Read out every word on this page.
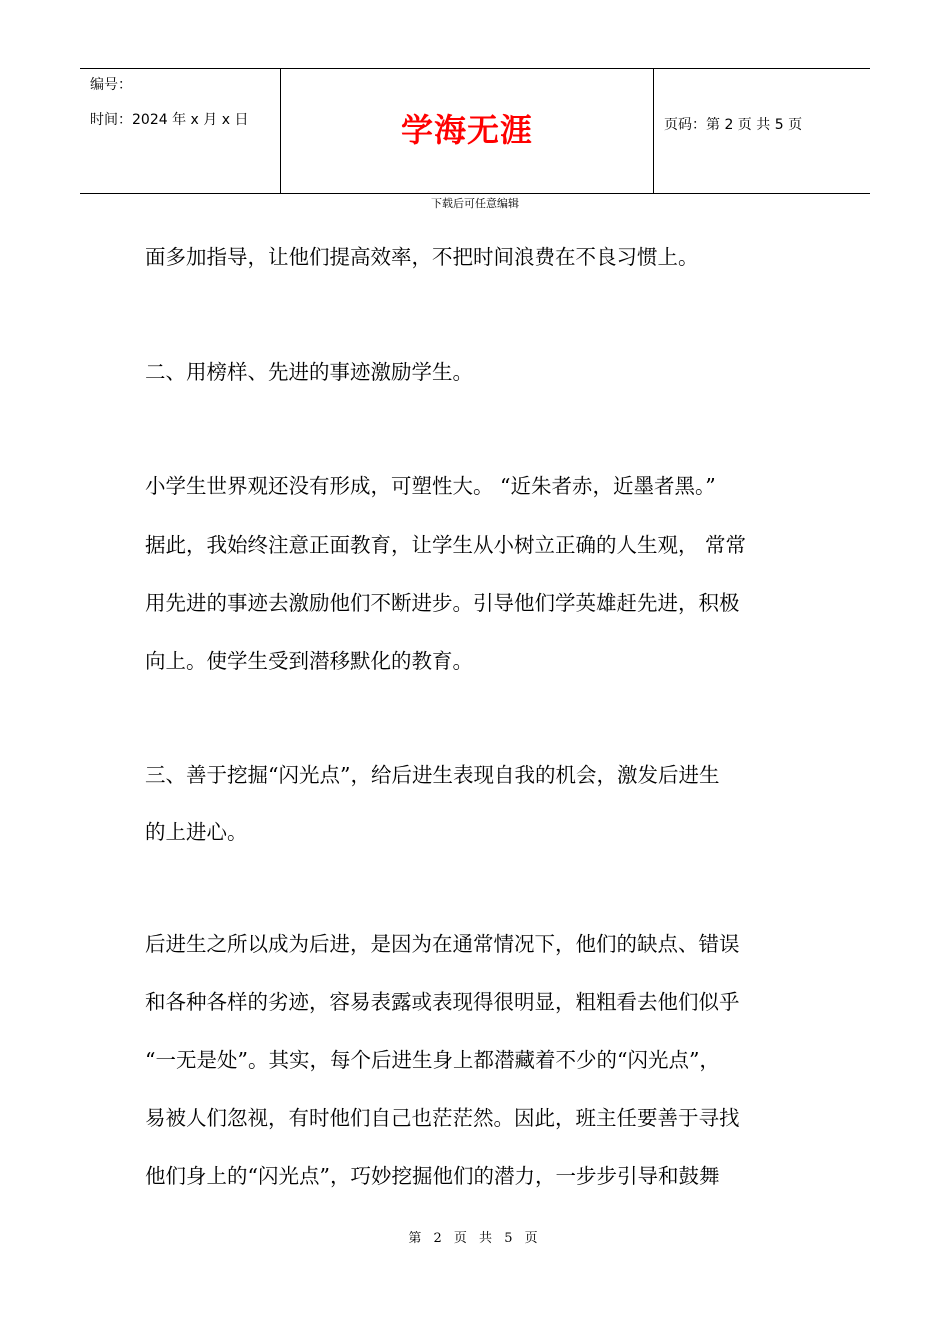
编号：
时间：2024 年 x 月 x 日	学海无涯	页码：第 2 页 共 5 页
下载后可任意编辑
面多加指导，让他们提高效率，不把时间浪费在不良习惯上。
二、用榜样、先进的事迹激励学生。
小学生世界观还没有形成，可塑性大。 “近朱者赤，近墨者黑。”
据此，我始终注意正面教育，让学生从小树立正确的人生观， 常常
用先进的事迹去激励他们不断进步。引导他们学英雄赶先进，积极
向上。使学生受到潜移默化的教育。
三、善于挖掘“闪光点”，给后进生表现自我的机会，激发后进生
的上进心。
后进生之所以成为后进，是因为在通常情况下，他们的缺点、错误
和各种各样的劣迹，容易表露或表现得很明显，粗粗看去他们似乎
“一无是处”。其实，每个后进生身上都潜藏着不少的“闪光点”，
易被人们忽视，有时他们自己也茫茫然。因此，班主任要善于寻找
他们身上的“闪光点”，巧妙挖掘他们的潜力，一步步引导和鼓舞
第 2 页 共 5 页
